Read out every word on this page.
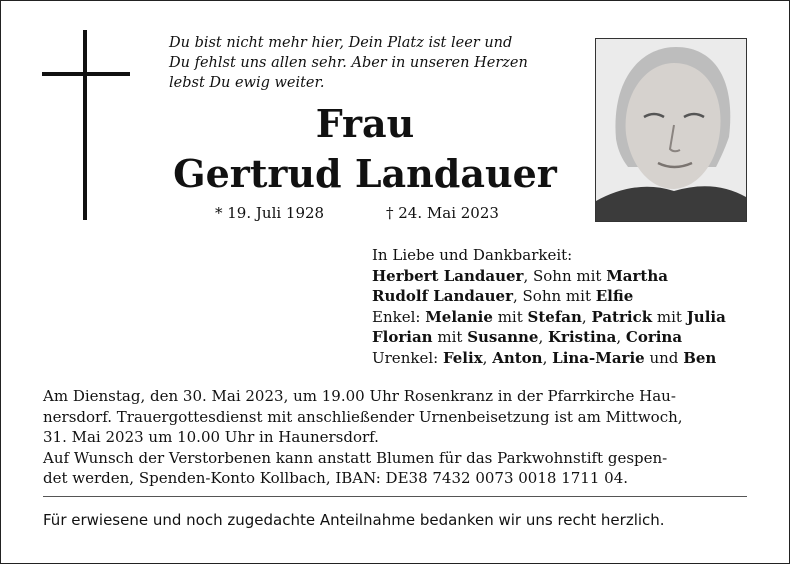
Du bist nicht mehr hier, Dein Platz ist leer und
Du fehlst uns allen sehr. Aber in unseren Herzen
lebst Du ewig weiter.
Frau
Gertrud Landauer
* 19. Juli 1928	† 24. Mai 2023
In Liebe und Dankbarkeit:
Herbert Landauer, Sohn mit Martha
Rudolf Landauer, Sohn mit Elfie
Enkel: Melanie mit Stefan, Patrick mit Julia
Florian mit Susanne, Kristina, Corina
Urenkel: Felix, Anton, Lina-Marie und Ben
Am Dienstag, den 30. Mai 2023, um 19.00 Uhr Rosenkranz in der Pfarrkirche Hau-
nersdorf. Trauergottesdienst mit anschließender Urnenbeisetzung ist am Mittwoch,
31. Mai 2023 um 10.00 Uhr in Haunersdorf.
Auf Wunsch der Verstorbenen kann anstatt Blumen für das Parkwohnstift gespen-
det werden, Spenden-Konto Kollbach, IBAN: DE38 7432 0073 0018 1711 04.
Für erwiesene und noch zugedachte Anteilnahme bedanken wir uns recht herzlich.
